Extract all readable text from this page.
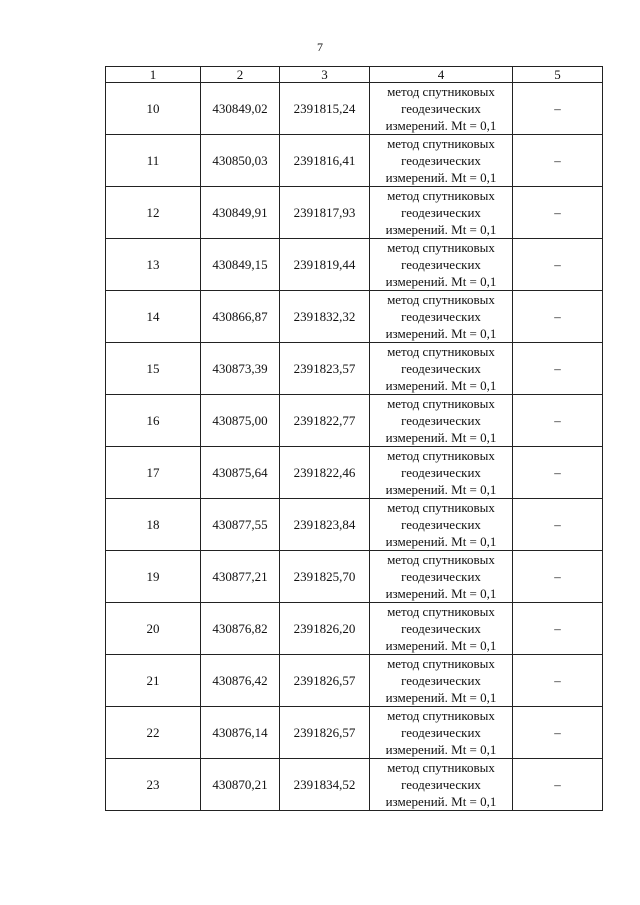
7
1	2	3	4	5
10	430849,02	2391815,24	метод спутниковых
геодезических
измерений. Mt = 0,1	–
11	430850,03	2391816,41	метод спутниковых
геодезических
измерений. Mt = 0,1	–
12	430849,91	2391817,93	метод спутниковых
геодезических
измерений. Mt = 0,1	–
13	430849,15	2391819,44	метод спутниковых
геодезических
измерений. Mt = 0,1	–
14	430866,87	2391832,32	метод спутниковых
геодезических
измерений. Mt = 0,1	–
15	430873,39	2391823,57	метод спутниковых
геодезических
измерений. Mt = 0,1	–
16	430875,00	2391822,77	метод спутниковых
геодезических
измерений. Mt = 0,1	–
17	430875,64	2391822,46	метод спутниковых
геодезических
измерений. Mt = 0,1	–
18	430877,55	2391823,84	метод спутниковых
геодезических
измерений. Mt = 0,1	–
19	430877,21	2391825,70	метод спутниковых
геодезических
измерений. Mt = 0,1	–
20	430876,82	2391826,20	метод спутниковых
геодезических
измерений. Mt = 0,1	–
21	430876,42	2391826,57	метод спутниковых
геодезических
измерений. Mt = 0,1	–
22	430876,14	2391826,57	метод спутниковых
геодезических
измерений. Mt = 0,1	–
23	430870,21	2391834,52	метод спутниковых
геодезических
измерений. Mt = 0,1	–
